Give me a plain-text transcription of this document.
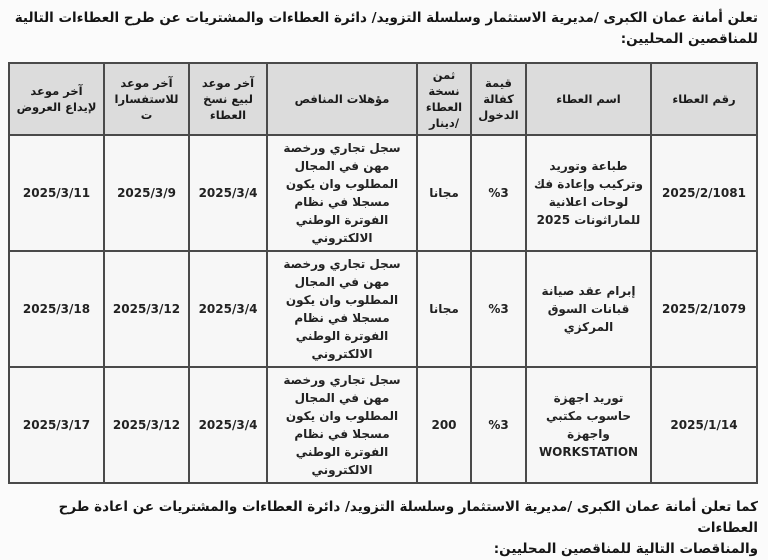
تعلن أمانة عمان الكبرى /مديرية الاستثمار وسلسلة التزويد/ دائرة العطاءات والمشتريات عن طرح العطاءات التالية
للمناقصين المحليين:

رقم العطاء	اسم العطاء	قيمة كفالة الدخول	ثمن نسخة العطاء /دينار	مؤهلات المنافص	آخر موعد لبيع نسخ العطاء	آخر موعد للاستفسارات	آخر موعد لإيداع العروض
2025/2/1081	طباعة وتوريد وتركيب وإعادة فك لوحات اعلانية للماراثونات 2025	%3	مجانا	سجل تجاري ورخصة مهن في المجال المطلوب وان يكون مسجلا في نظام الفوترة الوطني الالكتروني	2025/3/4	2025/3/9	2025/3/11
2025/2/1079	إبرام عقد صيانة قبانات السوق المركزي	%3	مجانا	سجل تجاري ورخصة مهن في المجال المطلوب وان يكون مسجلا في نظام الفوترة الوطني الالكتروني	2025/3/4	2025/3/12	2025/3/18
2025/1/14	توريد اجهزة حاسوب مكتبي واجهزة WORKSTATION	%3	200	سجل تجاري ورخصة مهن في المجال المطلوب وان يكون مسجلا في نظام الفوترة الوطني الالكتروني	2025/3/4	2025/3/12	2025/3/17

كما تعلن أمانة عمان الكبرى /مديرية الاستثمار وسلسلة التزويد/ دائرة العطاءات والمشتريات عن اعادة طرح العطاءات
والمناقصات التالية للمناقصين المحليين:
